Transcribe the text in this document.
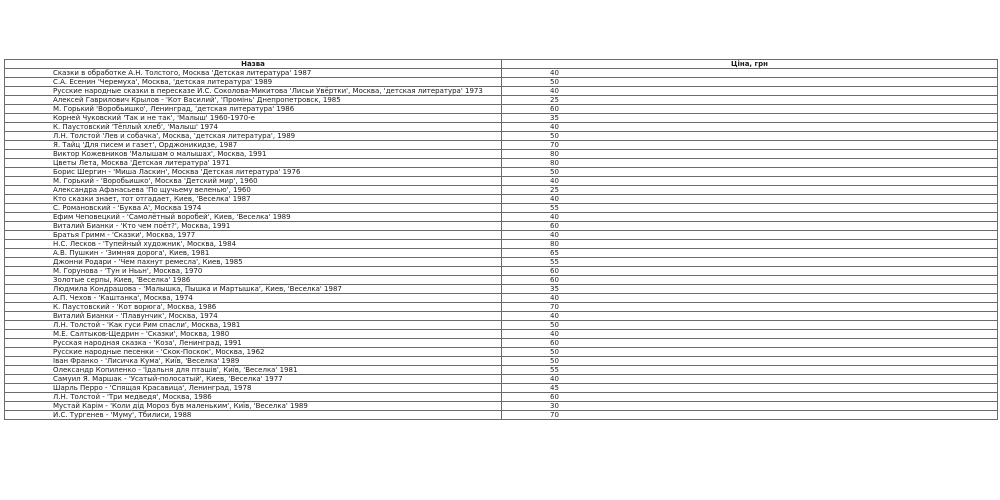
Назва	Ціна, грн
Сказки в обработке А.Н. Толстого, Москва 'Детская литература' 1987	40
С.А. Есенин 'Черемуха', Москва, 'детская литература' 1989	50
Русские народные сказки в пересказе И.С. Соколова-Микитова 'Лисьи Увёртки', Москва, 'детская литература' 1973	40
Алексей Гаврилович Крылов - 'Кот Василий', 'Промінь' Днепропетровск, 1985	25
М. Горький 'Воробьишко', Ленинград, 'детская литература' 1986	60
Корней Чуковский 'Так и не так', 'Малыш' 1960-1970-е	35
К. Паустовский 'Тёплый хлеб', 'Малыш' 1974	40
Л.Н. Толстой 'Лев и собачка', Москва, 'детская литература', 1989	50
Я. Тайц 'Для писем и газет', Орджоникидзе, 1987	70
Виктор Кожевников 'Малышам о малышах', Москва, 1991	80
Цветы Лета, Москва 'Детская литература' 1971	80
Борис Шергин - 'Миша Ласкин', Москва 'Детская литература' 1976	50
М. Горький - 'Воробьишко', Москва 'Детский мир', 1960	40
Александра Афанасьева 'По щучьему веленью', 1960	25
Кто сказки знает, тот отгадает, Киев, 'Веселка' 1987	40
С. Романовский - 'Буква А', Москва 1974	55
Ефим Чеповецкий - 'Самолётный воробей', Киев, 'Веселка' 1989	40
Виталий Бианки - 'Кто чем поёт?', Москва, 1991	60
Братья Гримм - 'Сказки', Москва, 1977	40
Н.С. Лесков - 'Тупейный художник', Москва, 1984	80
А.В. Пушкин - 'Зимняя дорога', Киев, 1981	65
Джонни Родари - 'Чем пахнут ремесла', Киев, 1985	55
М. Горунова - 'Тун и Нььн', Москва, 1970	60
Золотые серпы, Киев, 'Веселка' 1986	60
Людмила Кондрашова - 'Малышка, Пышка и Мартышка', Киев, 'Веселка' 1987	35
А.П. Чехов - 'Каштанка', Москва, 1974	40
К. Паустовский - 'Кот ворюга', Москва, 1986	70
Виталий Бианки - 'Плавунчик', Москва, 1974	40
Л.Н. Толстой - 'Как гуси Рим спасли', Москва, 1981	50
М.Е. Салтыков-Щедрин - 'Сказки', Москва, 1980	40
Русская народная сказка - 'Коза', Ленинград, 1991	60
Русские народные песенки - 'Скок-Поскок', Москва, 1962	50
Іван Франко - 'Лисичка Кума', Київ, 'Веселка' 1989	50
Олександр Копиленко - 'Їдальня для пташів', Київ, 'Веселка' 1981	55
Самуил Я. Маршак - 'Усатый-полосатый', Киев, 'Веселка' 1977	40
Шарль Перро - 'Спящая Красавица', Ленинград, 1978	45
Л.Н. Толстой - 'Три медведя', Москва, 1986	60
Мустай Карім - 'Коли дід Мороз був маленьким', Київ, 'Веселка' 1989	30
И.С. Тургенев - 'Муму', Тбилиси, 1988	70
